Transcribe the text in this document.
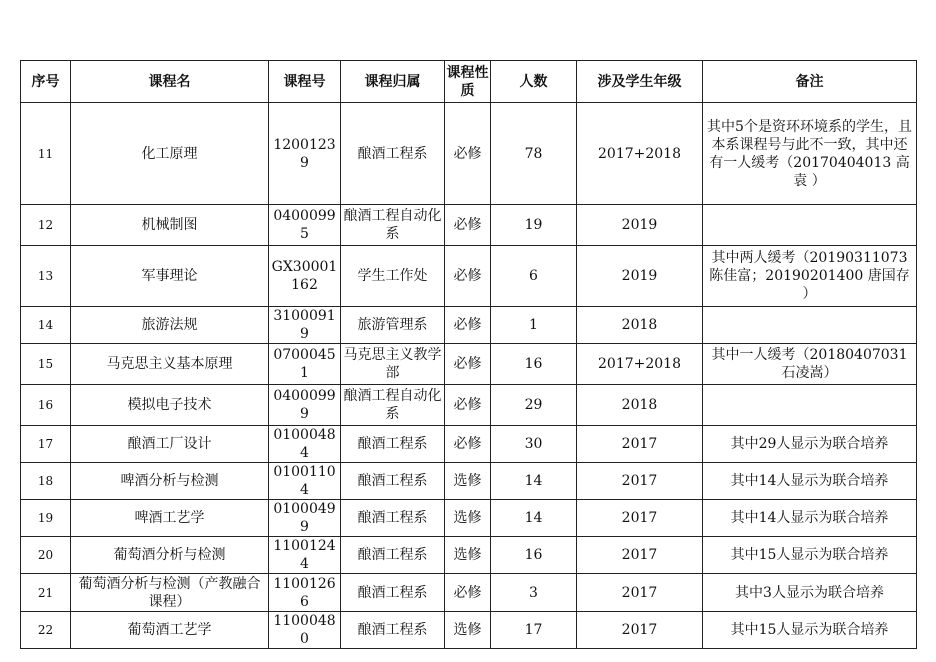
序号	课程名	课程号	课程归属	课程性质	人数	涉及学生年级	备注
11	化工原理	12001239	酿酒工程系	必修	78	2017+2018	其中5个是资环环境系的学生，且本系课程号与此不一致，其中还有一人缓考（20170404013 高袁 ）
12	机械制图	04000995	酿酒工程自动化系	必修	19	2019	
13	军事理论	GX30001162	学生工作处	必修	6	2019	其中两人缓考（20190311073 陈佳富；20190201400 唐国存 ）
14	旅游法规	31000919	旅游管理系	必修	1	2018	
15	马克思主义基本原理	07000451	马克思主义教学部	必修	16	2017+2018	其中一人缓考（20180407031 石凌嵩）
16	模拟电子技术	04000999	酿酒工程自动化系	必修	29	2018	
17	酿酒工厂设计	01000484	酿酒工程系	必修	30	2017	其中29人显示为联合培养
18	啤酒分析与检测	01001104	酿酒工程系	选修	14	2017	其中14人显示为联合培养
19	啤酒工艺学	01000499	酿酒工程系	选修	14	2017	其中14人显示为联合培养
20	葡萄酒分析与检测	11001244	酿酒工程系	选修	16	2017	其中15人显示为联合培养
21	葡萄酒分析与检测（产教融合课程）	11001266	酿酒工程系	必修	3	2017	其中3人显示为联合培养
22	葡萄酒工艺学	11000480	酿酒工程系	选修	17	2017	其中15人显示为联合培养
